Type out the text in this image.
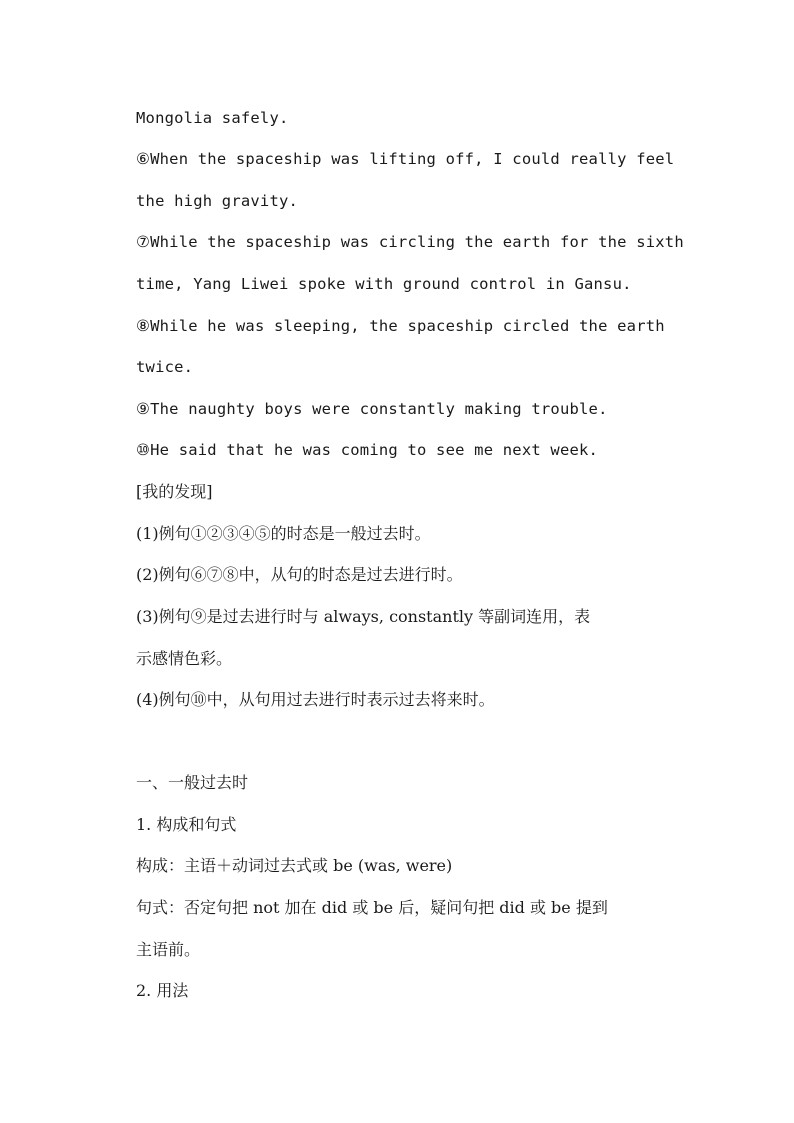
Mongolia safely.
⑥When the spaceship was lifting off, I could really feel
the high gravity.
⑦While the spaceship was circling the earth for the sixth
time, Yang Liwei spoke with ground control in Gansu.
⑧While he was sleeping, the spaceship circled the earth
twice.
⑨The naughty boys were constantly making trouble.
⑩He said that he was coming to see me next week.
[我的发现]
(1)例句①②③④⑤的时态是一般过去时。
(2)例句⑥⑦⑧中，从句的时态是过去进行时。
(3)例句⑨是过去进行时与 always, constantly 等副词连用，表
示感情色彩。
(4)例句⑩中，从句用过去进行时表示过去将来时。
一、一般过去时
1. 构成和句式
构成：主语＋动词过去式或 be (was, were)
句式：否定句把 not 加在 did 或 be 后，疑问句把 did 或 be 提到
主语前。
2. 用法
